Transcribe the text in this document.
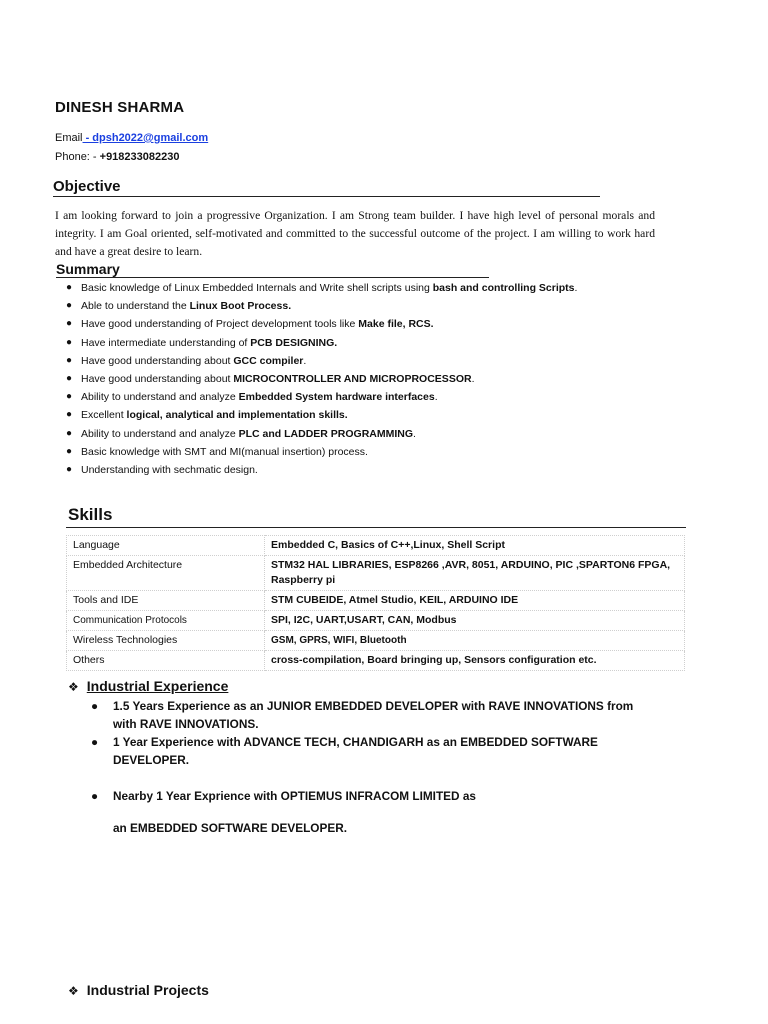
DINESH SHARMA
Email - dpsh2022@gmail.com
Phone: - +918233082230
Objective
I am looking forward to join a progressive Organization. I am Strong team builder. I have high level of personal morals and integrity. I am Goal oriented, self-motivated and committed to the successful outcome of the project. I am willing to work hard and have a great desire to learn.
Summary
● Basic knowledge of Linux Embedded Internals and Write shell scripts using bash and controlling Scripts.
● Able to understand the Linux Boot Process.
● Have good understanding of Project development tools like Make file, RCS.
● Have intermediate understanding of PCB DESIGNING.
● Have good understanding about GCC compiler.
● Have good understanding about MICROCONTROLLER AND MICROPROCESSOR.
● Ability to understand and analyze Embedded System hardware interfaces.
● Excellent logical, analytical and implementation skills.
● Ability to understand and analyze PLC and LADDER PROGRAMMING.
● Basic knowledge with SMT and MI(manual insertion) process.
● Understanding with sechmatic design.
Skills
Language	Embedded C, Basics of C++,Linux, Shell Script
Embedded Architecture	STM32 HAL LIBRARIES, ESP8266 ,AVR, 8051, ARDUINO, PIC ,SPARTON6 FPGA, Raspberry pi
Tools and IDE	STM CUBEIDE, Atmel Studio, KEIL, ARDUINO IDE
Communication Protocols	SPI, I2C, UART,USART, CAN, Modbus
Wireless Technologies	GSM, GPRS, WIFI, Bluetooth
Others	cross-compilation, Board bringing up, Sensors configuration etc.
❖ Industrial Experience
● 1.5 Years Experience as an JUNIOR EMBEDDED DEVELOPER with RAVE INNOVATIONS from with RAVE INNOVATIONS.
● 1 Year Experience with ADVANCE TECH, CHANDIGARH as an EMBEDDED SOFTWARE DEVELOPER.
● Nearby 1 Year Exprience with OPTIEMUS INFRACOM LIMITED as
an EMBEDDED SOFTWARE DEVELOPER.
❖ Industrial Projects
